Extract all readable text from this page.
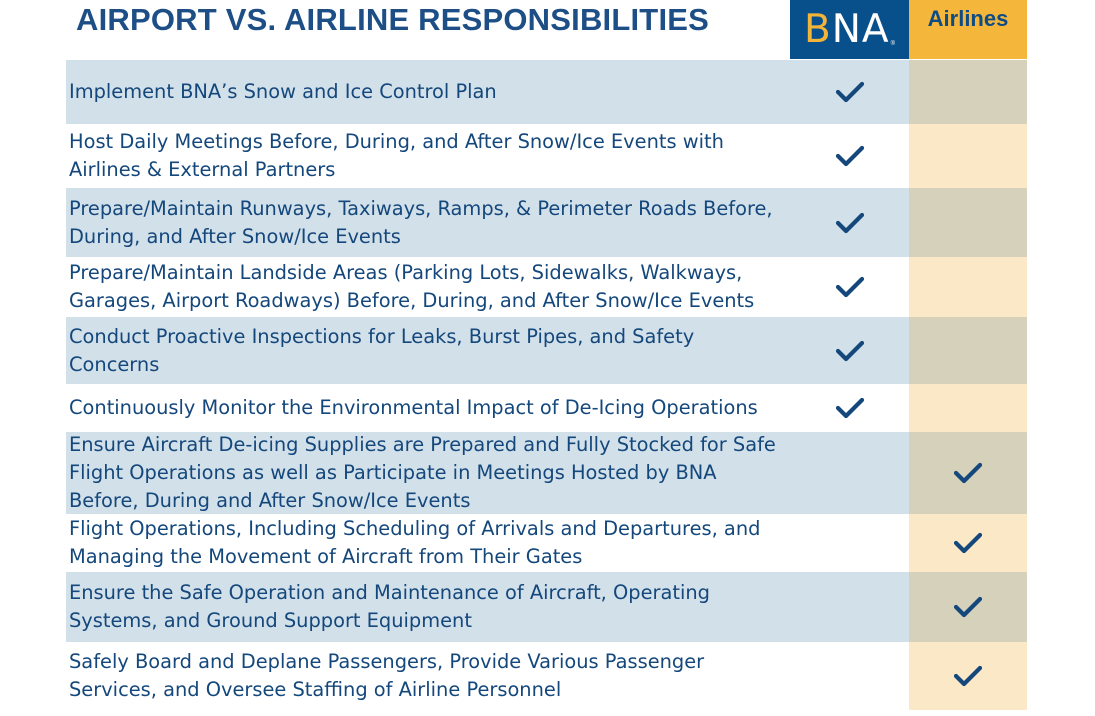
AIRPORT VS. AIRLINE RESPONSIBILITIES BNA ®
Airlines
Implement BNA’s Snow and Ice Control Plan
Host Daily Meetings Before, During, and After Snow/Ice Events with Airlines & External Partners
Prepare/Maintain Runways, Taxiways, Ramps, & Perimeter Roads Before, During, and After Snow/Ice Events
Prepare/Maintain Landside Areas (Parking Lots, Sidewalks, Walkways, Garages, Airport Roadways) Before, During, and After Snow/Ice Events
Conduct Proactive Inspections for Leaks, Burst Pipes, and Safety Concerns
Continuously Monitor the Environmental Impact of De-Icing Operations
Ensure Aircraft De-icing Supplies are Prepared and Fully Stocked for Safe Flight Operations as well as Participate in Meetings Hosted by BNA Before, During and After Snow/Ice Events
Flight Operations, Including Scheduling of Arrivals and Departures, and Managing the Movement of Aircraft from Their Gates
Ensure the Safe Operation and Maintenance of Aircraft, Operating Systems, and Ground Support Equipment
Safely Board and Deplane Passengers, Provide Various Passenger Services, and Oversee Staffing of Airline Personnel
